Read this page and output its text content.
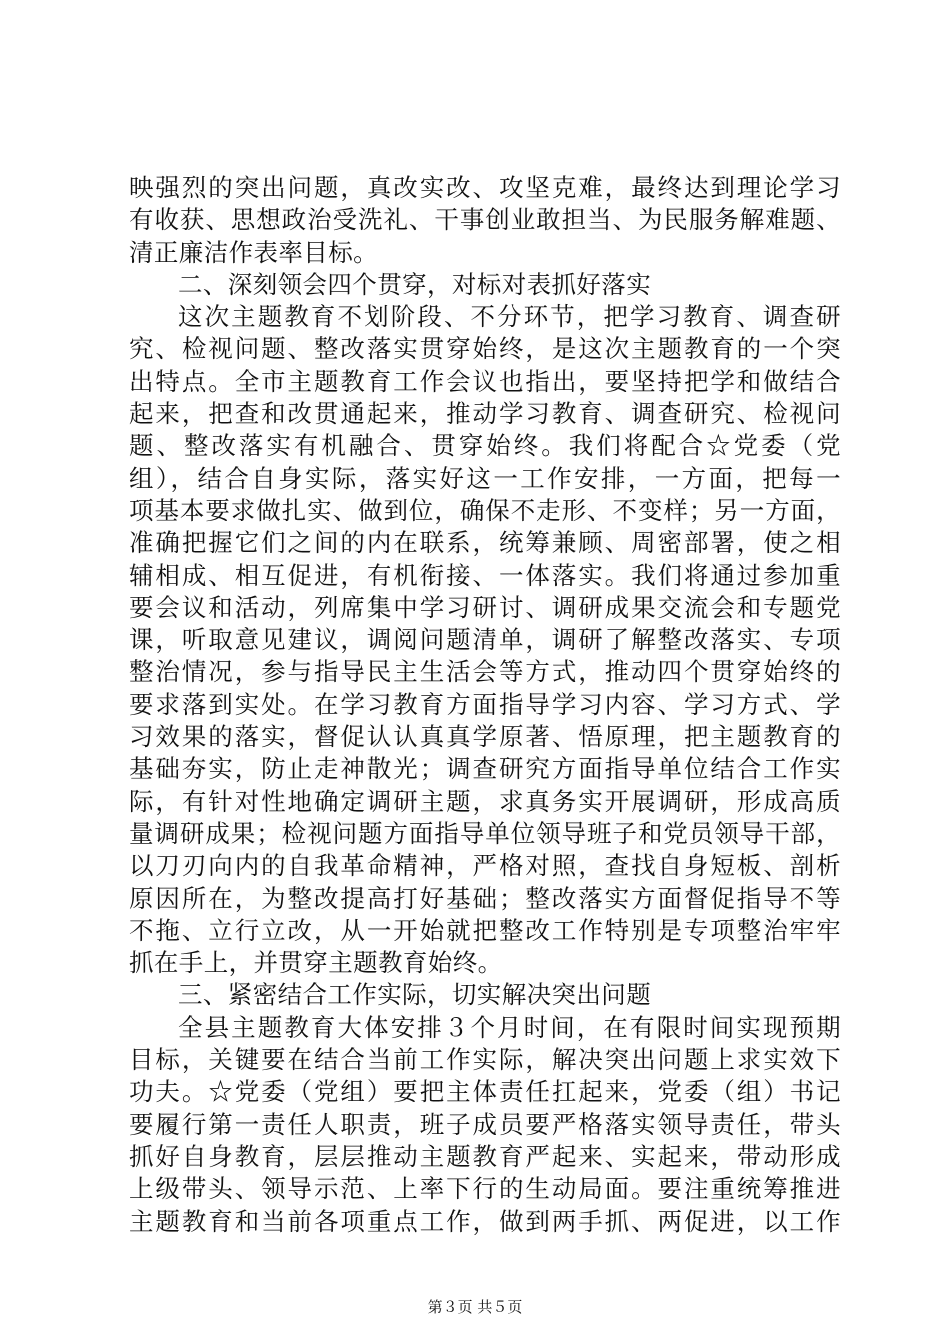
映强烈的突出问题，真改实改、攻坚克难，最终达到理论学习
有收获、思想政治受洗礼、干事创业敢担当、为民服务解难题、
清正廉洁作表率目标。
二、深刻领会四个贯穿，对标对表抓好落实
这次主题教育不划阶段、不分环节，把学习教育、调查研
究、检视问题、整改落实贯穿始终，是这次主题教育的一个突
出特点。全市主题教育工作会议也指出，要坚持把学和做结合
起来，把查和改贯通起来，推动学习教育、调查研究、检视问
题、整改落实有机融合、贯穿始终。我们将配合☆党委（党
组），结合自身实际，落实好这一工作安排，一方面，把每一
项基本要求做扎实、做到位，确保不走形、不变样；另一方面，
准确把握它们之间的内在联系，统筹兼顾、周密部署，使之相
辅相成、相互促进，有机衔接、一体落实。我们将通过参加重
要会议和活动，列席集中学习研讨、调研成果交流会和专题党
课，听取意见建议，调阅问题清单，调研了解整改落实、专项
整治情况，参与指导民主生活会等方式，推动四个贯穿始终的
要求落到实处。在学习教育方面指导学习内容、学习方式、学
习效果的落实，督促认认真真学原著、悟原理，把主题教育的
基础夯实，防止走神散光；调查研究方面指导单位结合工作实
际，有针对性地确定调研主题，求真务实开展调研，形成高质
量调研成果；检视问题方面指导单位领导班子和党员领导干部，
以刀刃向内的自我革命精神，严格对照，查找自身短板、剖析
原因所在，为整改提高打好基础；整改落实方面督促指导不等
不拖、立行立改，从一开始就把整改工作特别是专项整治牢牢
抓在手上，并贯穿主题教育始终。
三、紧密结合工作实际，切实解决突出问题
全县主题教育大体安排３个月时间，在有限时间实现预期
目标，关键要在结合当前工作实际，解决突出问题上求实效下
功夫。☆党委（党组）要把主体责任扛起来，党委（组）书记
要履行第一责任人职责，班子成员要严格落实领导责任，带头
抓好自身教育，层层推动主题教育严起来、实起来，带动形成
上级带头、领导示范、上率下行的生动局面。要注重统筹推进
主题教育和当前各项重点工作，做到两手抓、两促进，以工作
第３页 共５页
